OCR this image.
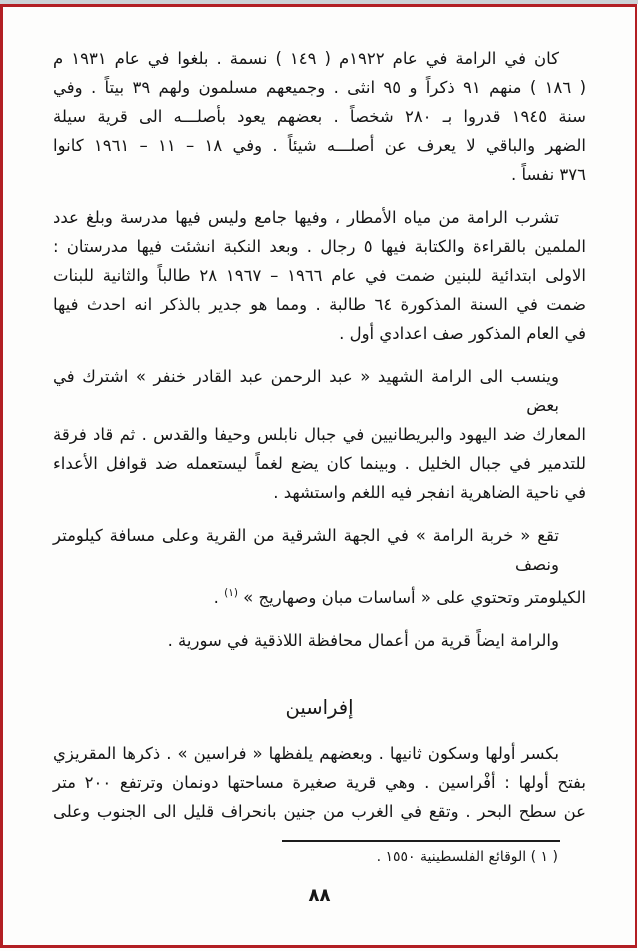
كان في الرامة في عام ١٩٢٢م ( ١٤٩ ) نسمة . بلغوا في عام ١٩٣١ م
( ١٨٦ ) منهم ٩١ ذكراً و ٩٥ انثى . وجميعهم مسلمون ولهم ٣٩ بيتاً . وفي
سنة ١٩٤٥ قدروا بـ ٢٨٠ شخصاً . بعضهم يعود بأصلـــه الى قرية سيلة
الضهر والباقي لا يعرف عن أصلـــه شيئاً . وفي ١٨ – ١١ – ١٩٦١ كانوا
٣٧٦ نفساً .
تشرب الرامة من مياه الأمطار ، وفيها جامع وليس فيها مدرسة وبلغ عدد
الملمين بالقراءة والكتابة فيها ٥ رجال . وبعد النكبة انشئت فيها مدرستان :
الاولى ابتدائية للبنين ضمت في عام ١٩٦٦ – ١٩٦٧ ٢٨ طالباً والثانية للبنات
ضمت في السنة المذكورة ٦٤ طالبة . ومما هو جدير بالذكر انه احدث فيها
في العام المذكور صف اعدادي أول .
وينسب الى الرامة الشهيد « عبد الرحمن عبد القادر خنفر » اشترك في بعض
المعارك ضد اليهود والبريطانيين في جبال نابلس وحيفا والقدس . ثم قاد فرقة
للتدمير في جبال الخليل . وبينما كان يضع لغماً ليستعمله ضد قوافل الأعداء
في ناحية الضاهرية انفجر فيه اللغم واستشهد .
تقع « خربة الرامة » في الجهة الشرقية من القرية وعلى مسافة كيلومتر ونصف
الكيلومتر وتحتوي على « أساسات مبان وصهاريج » $^{(١)}$ .
والرامة ايضاً قرية من أعمال محافظة اللاذقية في سورية .
إفراسين
بكسر أولها وسكون ثانيها . وبعضهم يلفظها « فراسين » . ذكرها المقريزي
بفتح أولها : أفْراسين . وهي قرية صغيرة مساحتها دونمان وترتفع ٢٠٠ متر
عن سطح البحر . وتقع في الغرب من جنين بانحراف قليل الى الجنوب وعلى
( ١ ) الوقائع الفلسطينية ١٥٥٠ .
٨٨
